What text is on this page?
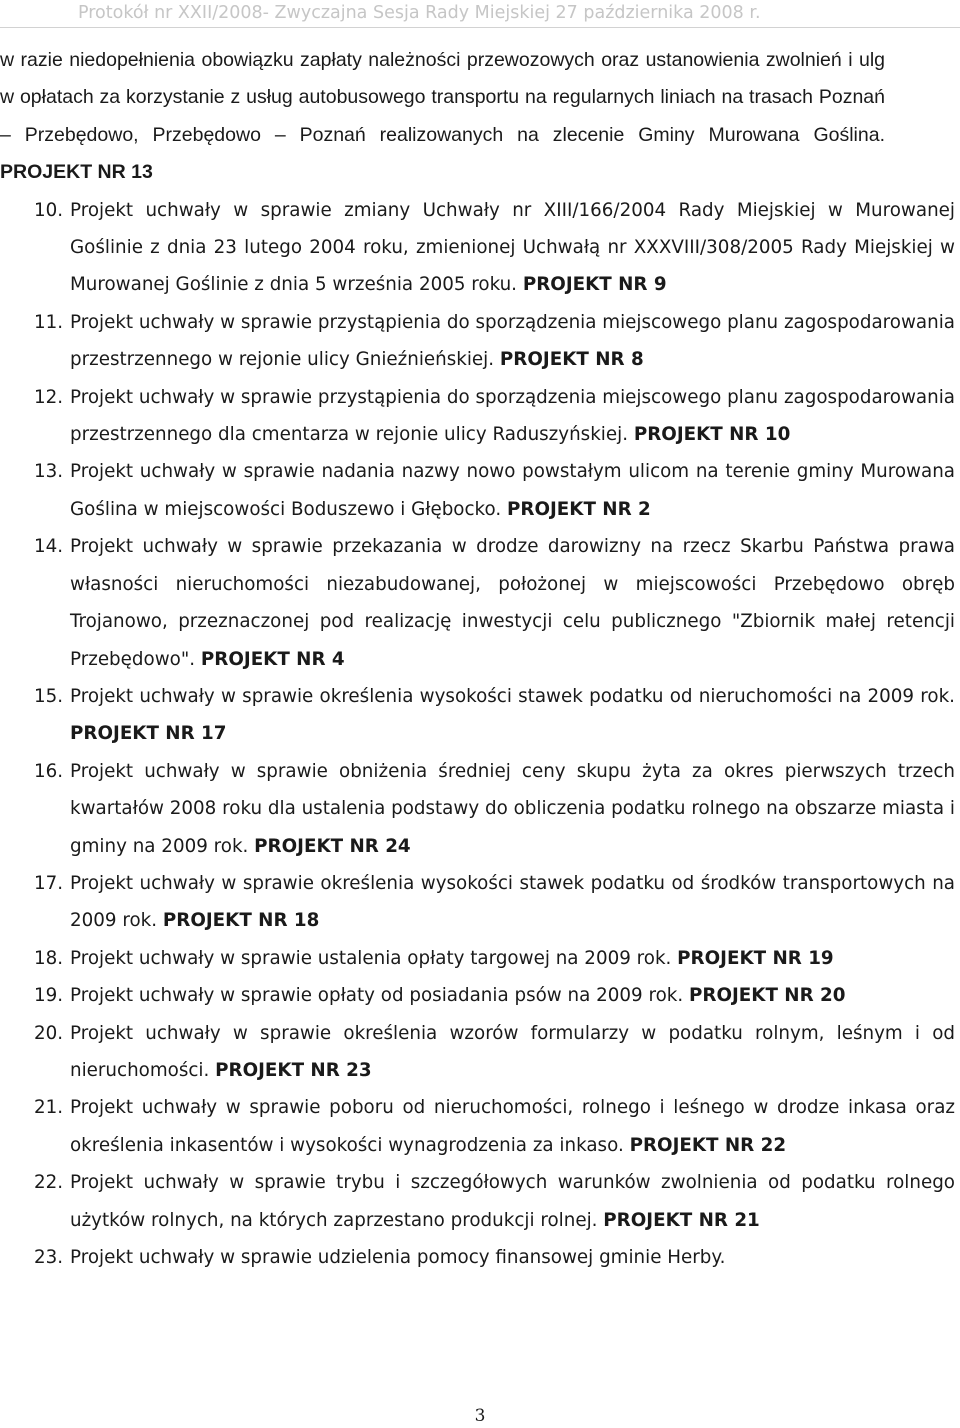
Protokół nr XXII/2008- Zwyczajna Sesja Rady Miejskiej 27 października 2008 r.

w razie niedopełnienia obowiązku zapłaty należności przewozowych oraz ustanowienia zwolnień i ulg w opłatach za korzystanie z usług autobusowego transportu na regularnych liniach na trasach Poznań – Przebędowo, Przebędowo – Poznań realizowanych na zlecenie Gminy Murowana Goślina. PROJEKT NR 13

10. Projekt uchwały w sprawie zmiany Uchwały nr XIII/166/2004 Rady Miejskiej w Murowanej Goślinie z dnia 23 lutego 2004 roku, zmienionej Uchwałą nr XXXVIII/308/2005 Rady Miejskiej w Murowanej Goślinie z dnia 5 września 2005 roku. PROJEKT NR 9
11. Projekt uchwały w sprawie przystąpienia do sporządzenia miejscowego planu zagospodarowania przestrzennego w rejonie ulicy Gnieźnieńskiej. PROJEKT NR 8
12. Projekt uchwały w sprawie przystąpienia do sporządzenia miejscowego planu zagospodarowania przestrzennego dla cmentarza w rejonie ulicy Raduszyńskiej. PROJEKT NR 10
13. Projekt uchwały w sprawie nadania nazwy nowo powstałym ulicom na terenie gminy Murowana Goślina w miejscowości Boduszewo i Głębocko. PROJEKT NR 2
14. Projekt uchwały w sprawie przekazania w drodze darowizny na rzecz Skarbu Państwa prawa własności nieruchomości niezabudowanej, położonej w miejscowości Przebędowo obręb Trojanowo, przeznaczonej pod realizację inwestycji celu publicznego "Zbiornik małej retencji Przebędowo". PROJEKT NR 4
15. Projekt uchwały w sprawie określenia wysokości stawek podatku od nieruchomości na 2009 rok. PROJEKT NR 17
16. Projekt uchwały w sprawie obniżenia średniej ceny skupu żyta za okres pierwszych trzech kwartałów 2008 roku dla ustalenia podstawy do obliczenia podatku rolnego na obszarze miasta i gminy na 2009 rok. PROJEKT NR 24
17. Projekt uchwały w sprawie określenia wysokości stawek podatku od środków transportowych na 2009 rok. PROJEKT NR 18
18. Projekt uchwały w sprawie ustalenia opłaty targowej na 2009 rok. PROJEKT NR 19
19. Projekt uchwały w sprawie opłaty od posiadania psów na 2009 rok. PROJEKT NR 20
20. Projekt uchwały w sprawie określenia wzorów formularzy w podatku rolnym, leśnym i od nieruchomości. PROJEKT NR 23
21. Projekt uchwały w sprawie poboru od nieruchomości, rolnego i leśnego w drodze inkasa oraz określenia inkasentów i wysokości wynagrodzenia za inkaso. PROJEKT NR 22
22. Projekt uchwały w sprawie trybu i szczegółowych warunków zwolnienia od podatku rolnego użytków rolnych, na których zaprzestano produkcji rolnej. PROJEKT NR 21
23. Projekt uchwały w sprawie udzielenia pomocy finansowej gminie Herby.
3
